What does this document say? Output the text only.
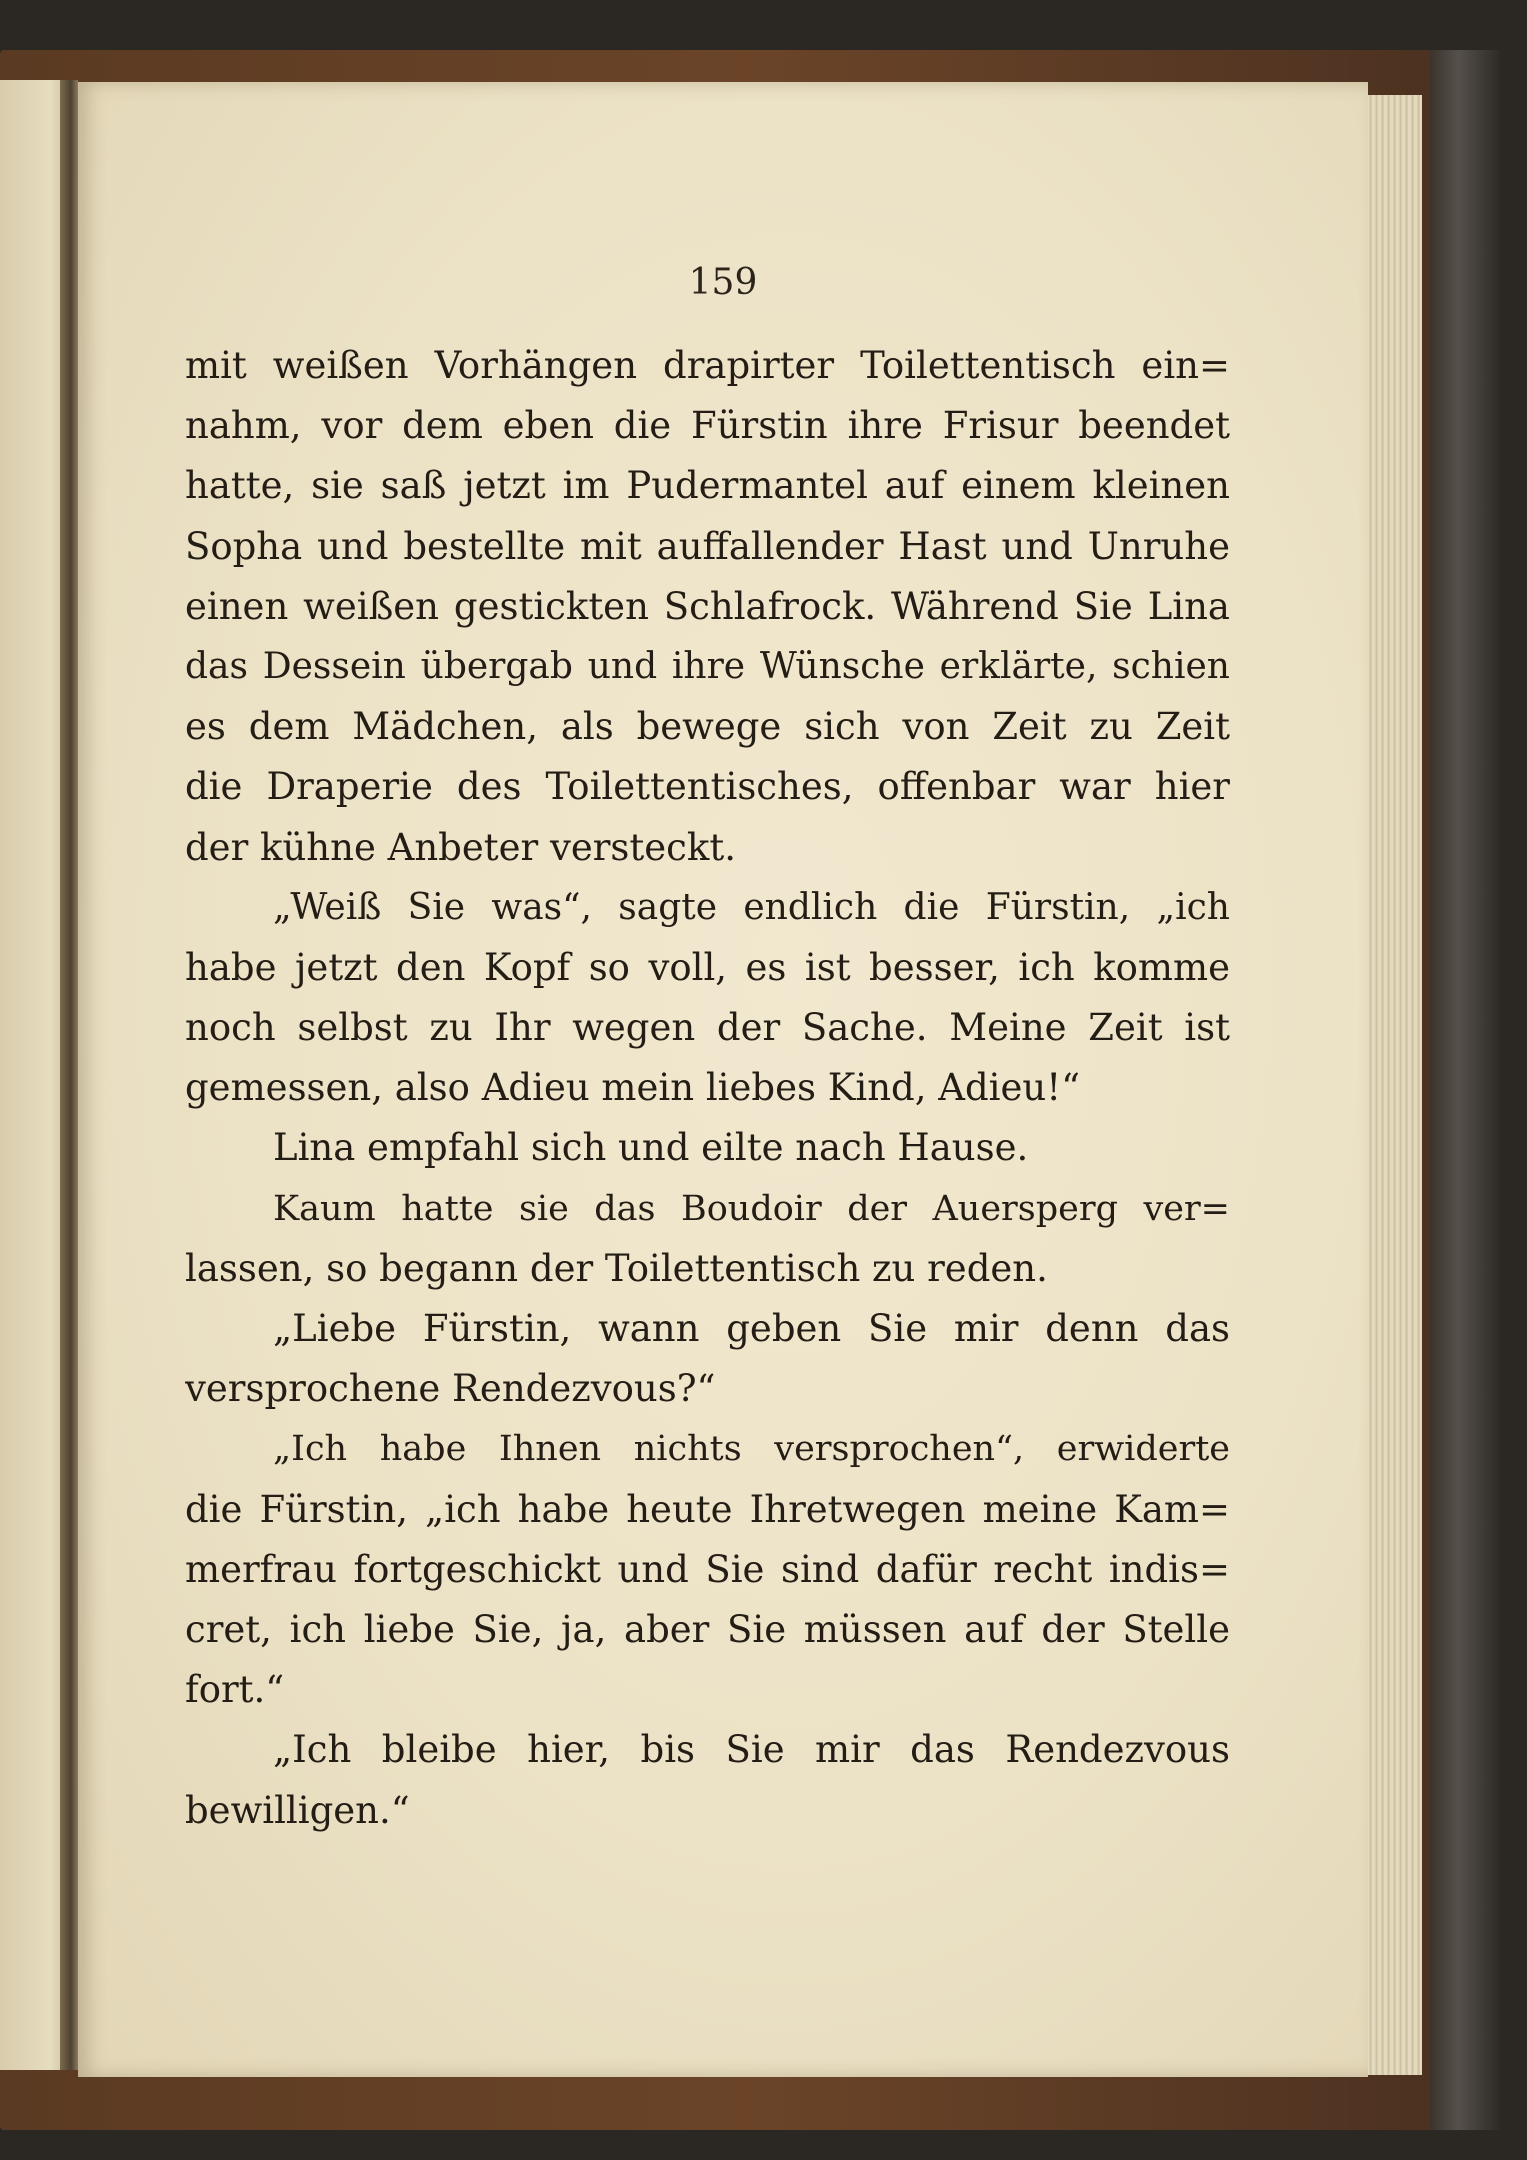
159
mit weißen Vorhängen drapirter Toilettentisch ein=
nahm, vor dem eben die Fürstin ihre Frisur beendet
hatte, sie saß jetzt im Pudermantel auf einem kleinen
Sopha und bestellte mit auffallender Hast und Unruhe
einen weißen gestickten Schlafrock. Während Sie Lina
das Dessein übergab und ihre Wünsche erklärte, schien
es dem Mädchen, als bewege sich von Zeit zu Zeit
die Draperie des Toilettentisches, offenbar war hier
der kühne Anbeter versteckt.
„Weiß Sie was“, sagte endlich die Fürstin, „ich
habe jetzt den Kopf so voll, es ist besser, ich komme
noch selbst zu Ihr wegen der Sache. Meine Zeit ist
gemessen, also Adieu mein liebes Kind, Adieu!“
Lina empfahl sich und eilte nach Hause.
Kaum hatte sie das Boudoir der Auersperg ver=
lassen, so begann der Toilettentisch zu reden.
„Liebe Fürstin, wann geben Sie mir denn das
versprochene Rendezvous?“
„Ich habe Ihnen nichts versprochen“, erwiderte
die Fürstin, „ich habe heute Ihretwegen meine Kam=
merfrau fortgeschickt und Sie sind dafür recht indis=
cret, ich liebe Sie, ja, aber Sie müssen auf der Stelle
fort.“
„Ich bleibe hier, bis Sie mir das Rendezvous
bewilligen.“
